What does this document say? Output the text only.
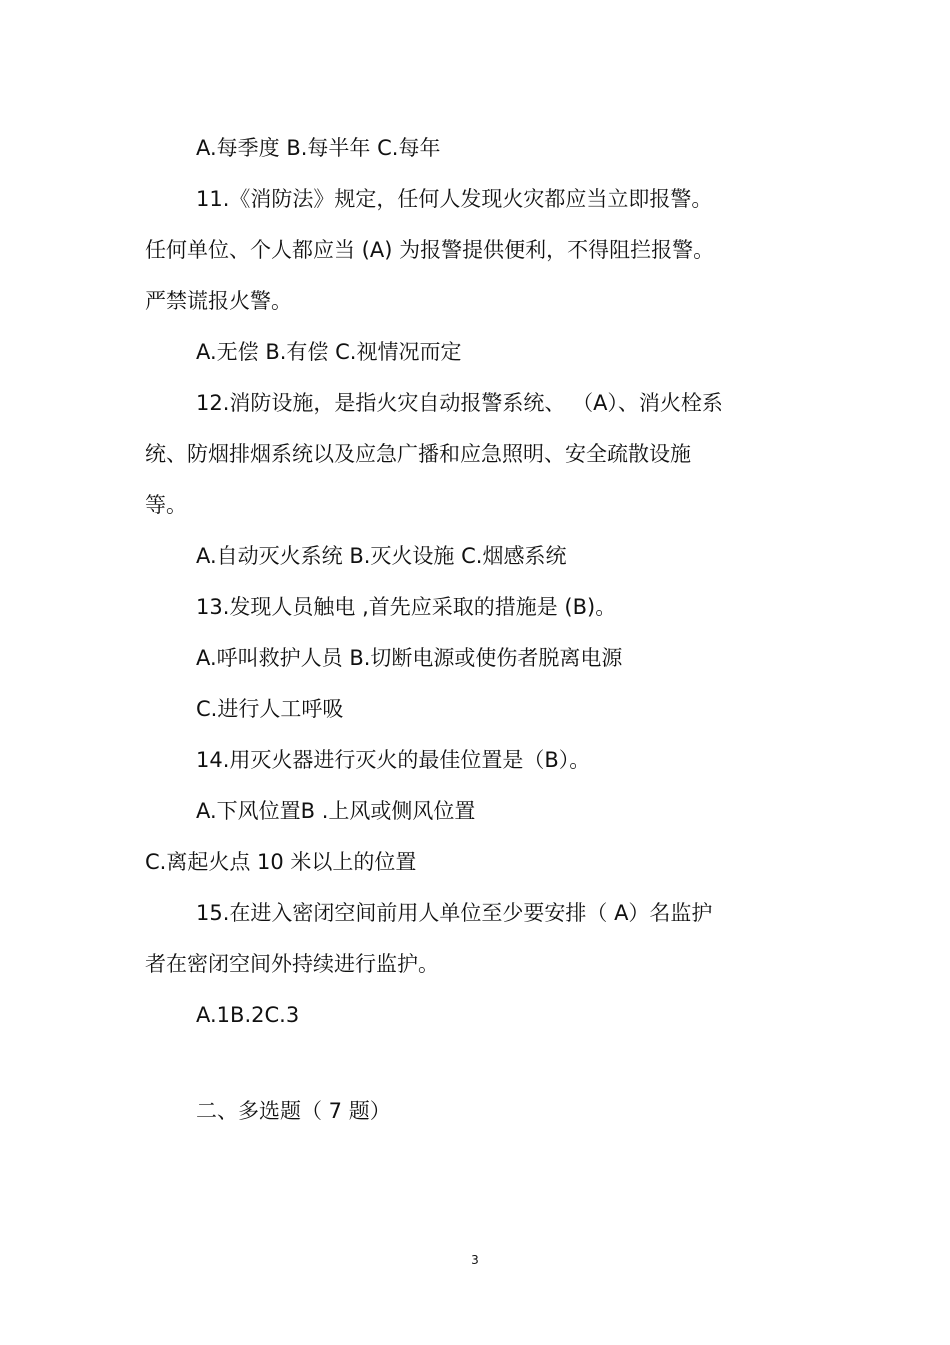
A.每季度 B.每半年 C.每年
11.《消防法》规定，任何人发现火灾都应当立即报警。
任何单位、个人都应当 (A) 为报警提供便利，不得阻拦报警。
严禁谎报火警。
A.无偿 B.有偿 C.视情况而定
12.消防设施，是指火灾自动报警系统、 （A）、消火栓系
统、防烟排烟系统以及应急广播和应急照明、安全疏散设施
等。
A.自动灭火系统 B.灭火设施 C.烟感系统
13.发现人员触电 ,首先应采取的措施是 (B)。
A.呼叫救护人员 B.切断电源或使伤者脱离电源
C.进行人工呼吸
14.用灭火器进行灭火的最佳位置是（B）。
A.下风位置B .上风或侧风位置
C.离起火点 10 米以上的位置
15.在进入密闭空间前用人单位至少要安排（ A）名监护
者在密闭空间外持续进行监护。
A.1B.2C.3
二、多选题（ 7 题）
3
